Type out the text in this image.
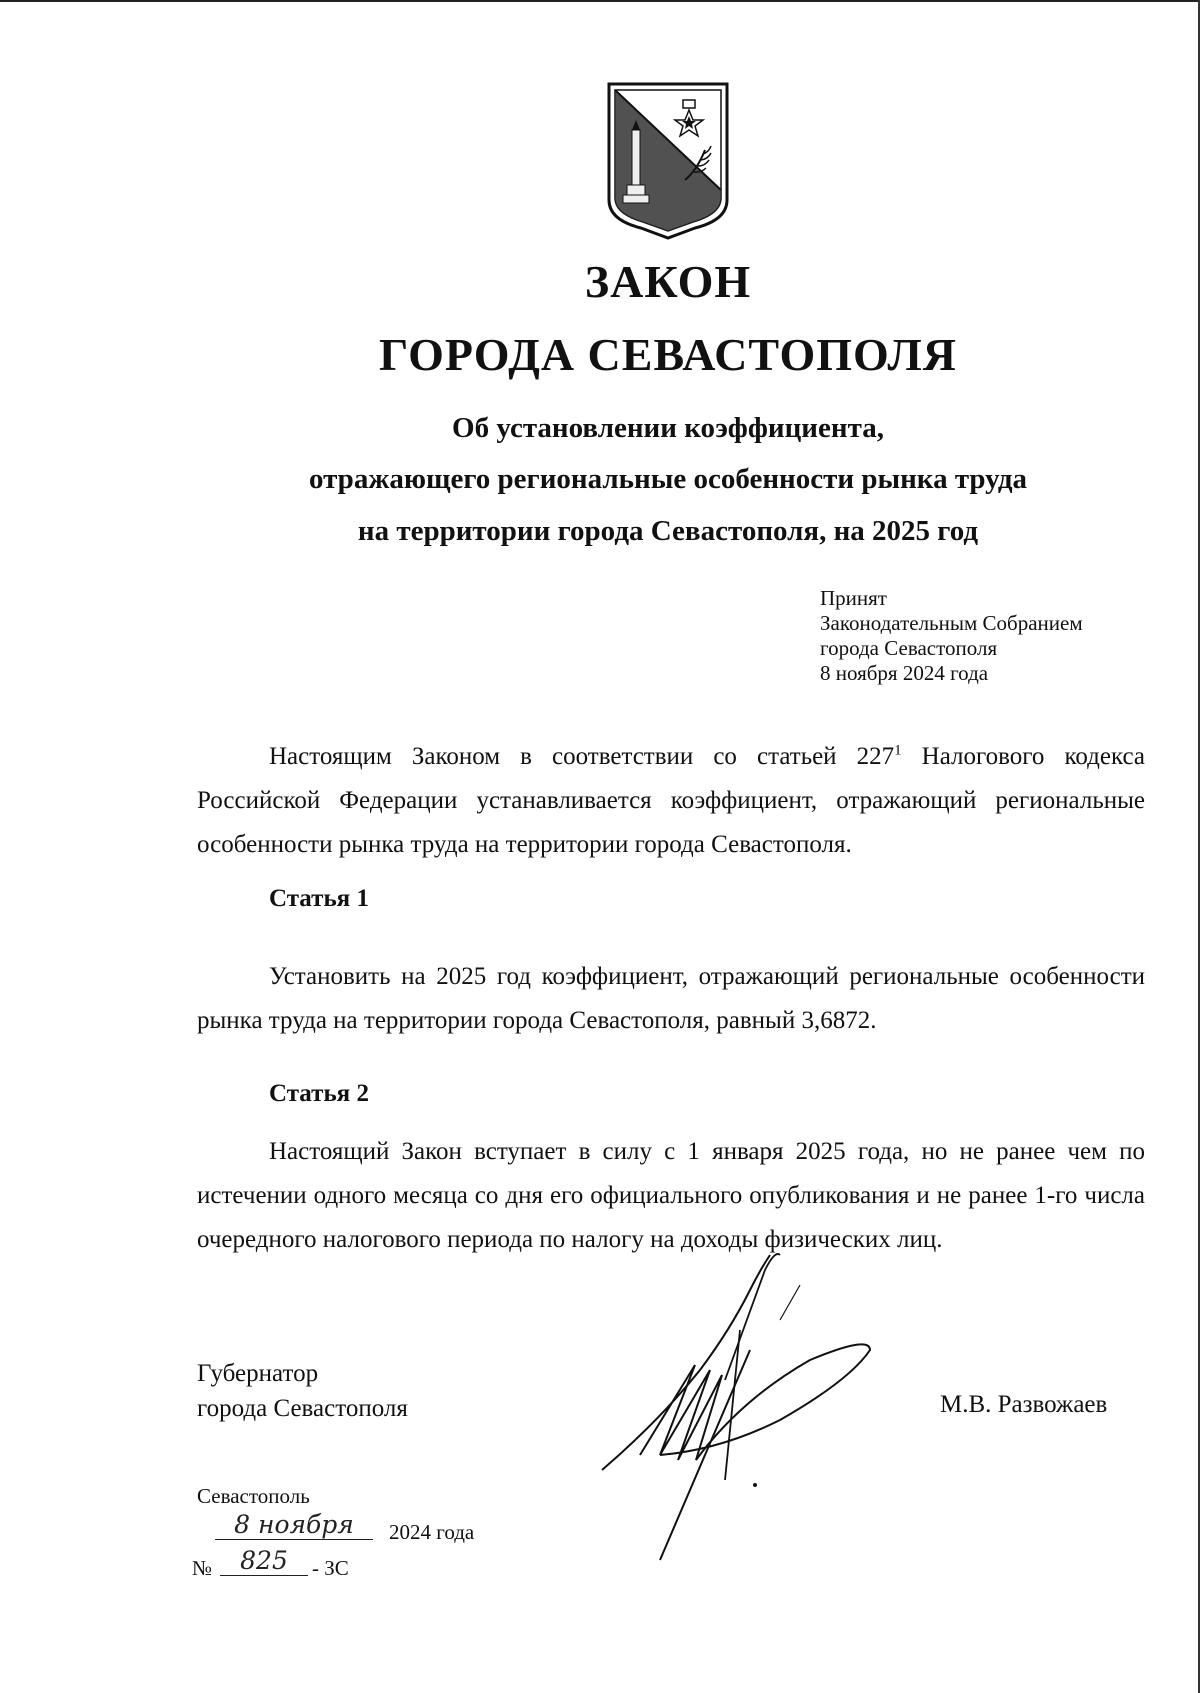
ЗАКОН
ГОРОДА СЕВАСТОПОЛЯ
Об установлении коэффициента,
отражающего региональные особенности рынка труда
на территории города Севастополя, на 2025 год
Принят
Законодательным Собранием
города Севастополя
8 ноября 2024 года
Настоящим Законом в соответствии со статьей $227^1$ Налогового кодекса Российской Федерации устанавливается коэффициент, отражающий региональные особенности рынка труда на территории города Севастополя.
Статья 1
Установить на 2025 год коэффициент, отражающий региональные особенности рынка труда на территории города Севастополя, равный 3,6872.
Статья 2
Настоящий Закон вступает в силу с 1 января 2025 года, но не ранее чем по истечении одного месяца со дня его официального опубликования и не ранее 1-го числа очередного налогового периода по налогу на доходы физических лиц.
Губернатор
города Севастополя	М.В. Развожаев
Севастополь
8 ноября	2024 года
№	825	- ЗС
